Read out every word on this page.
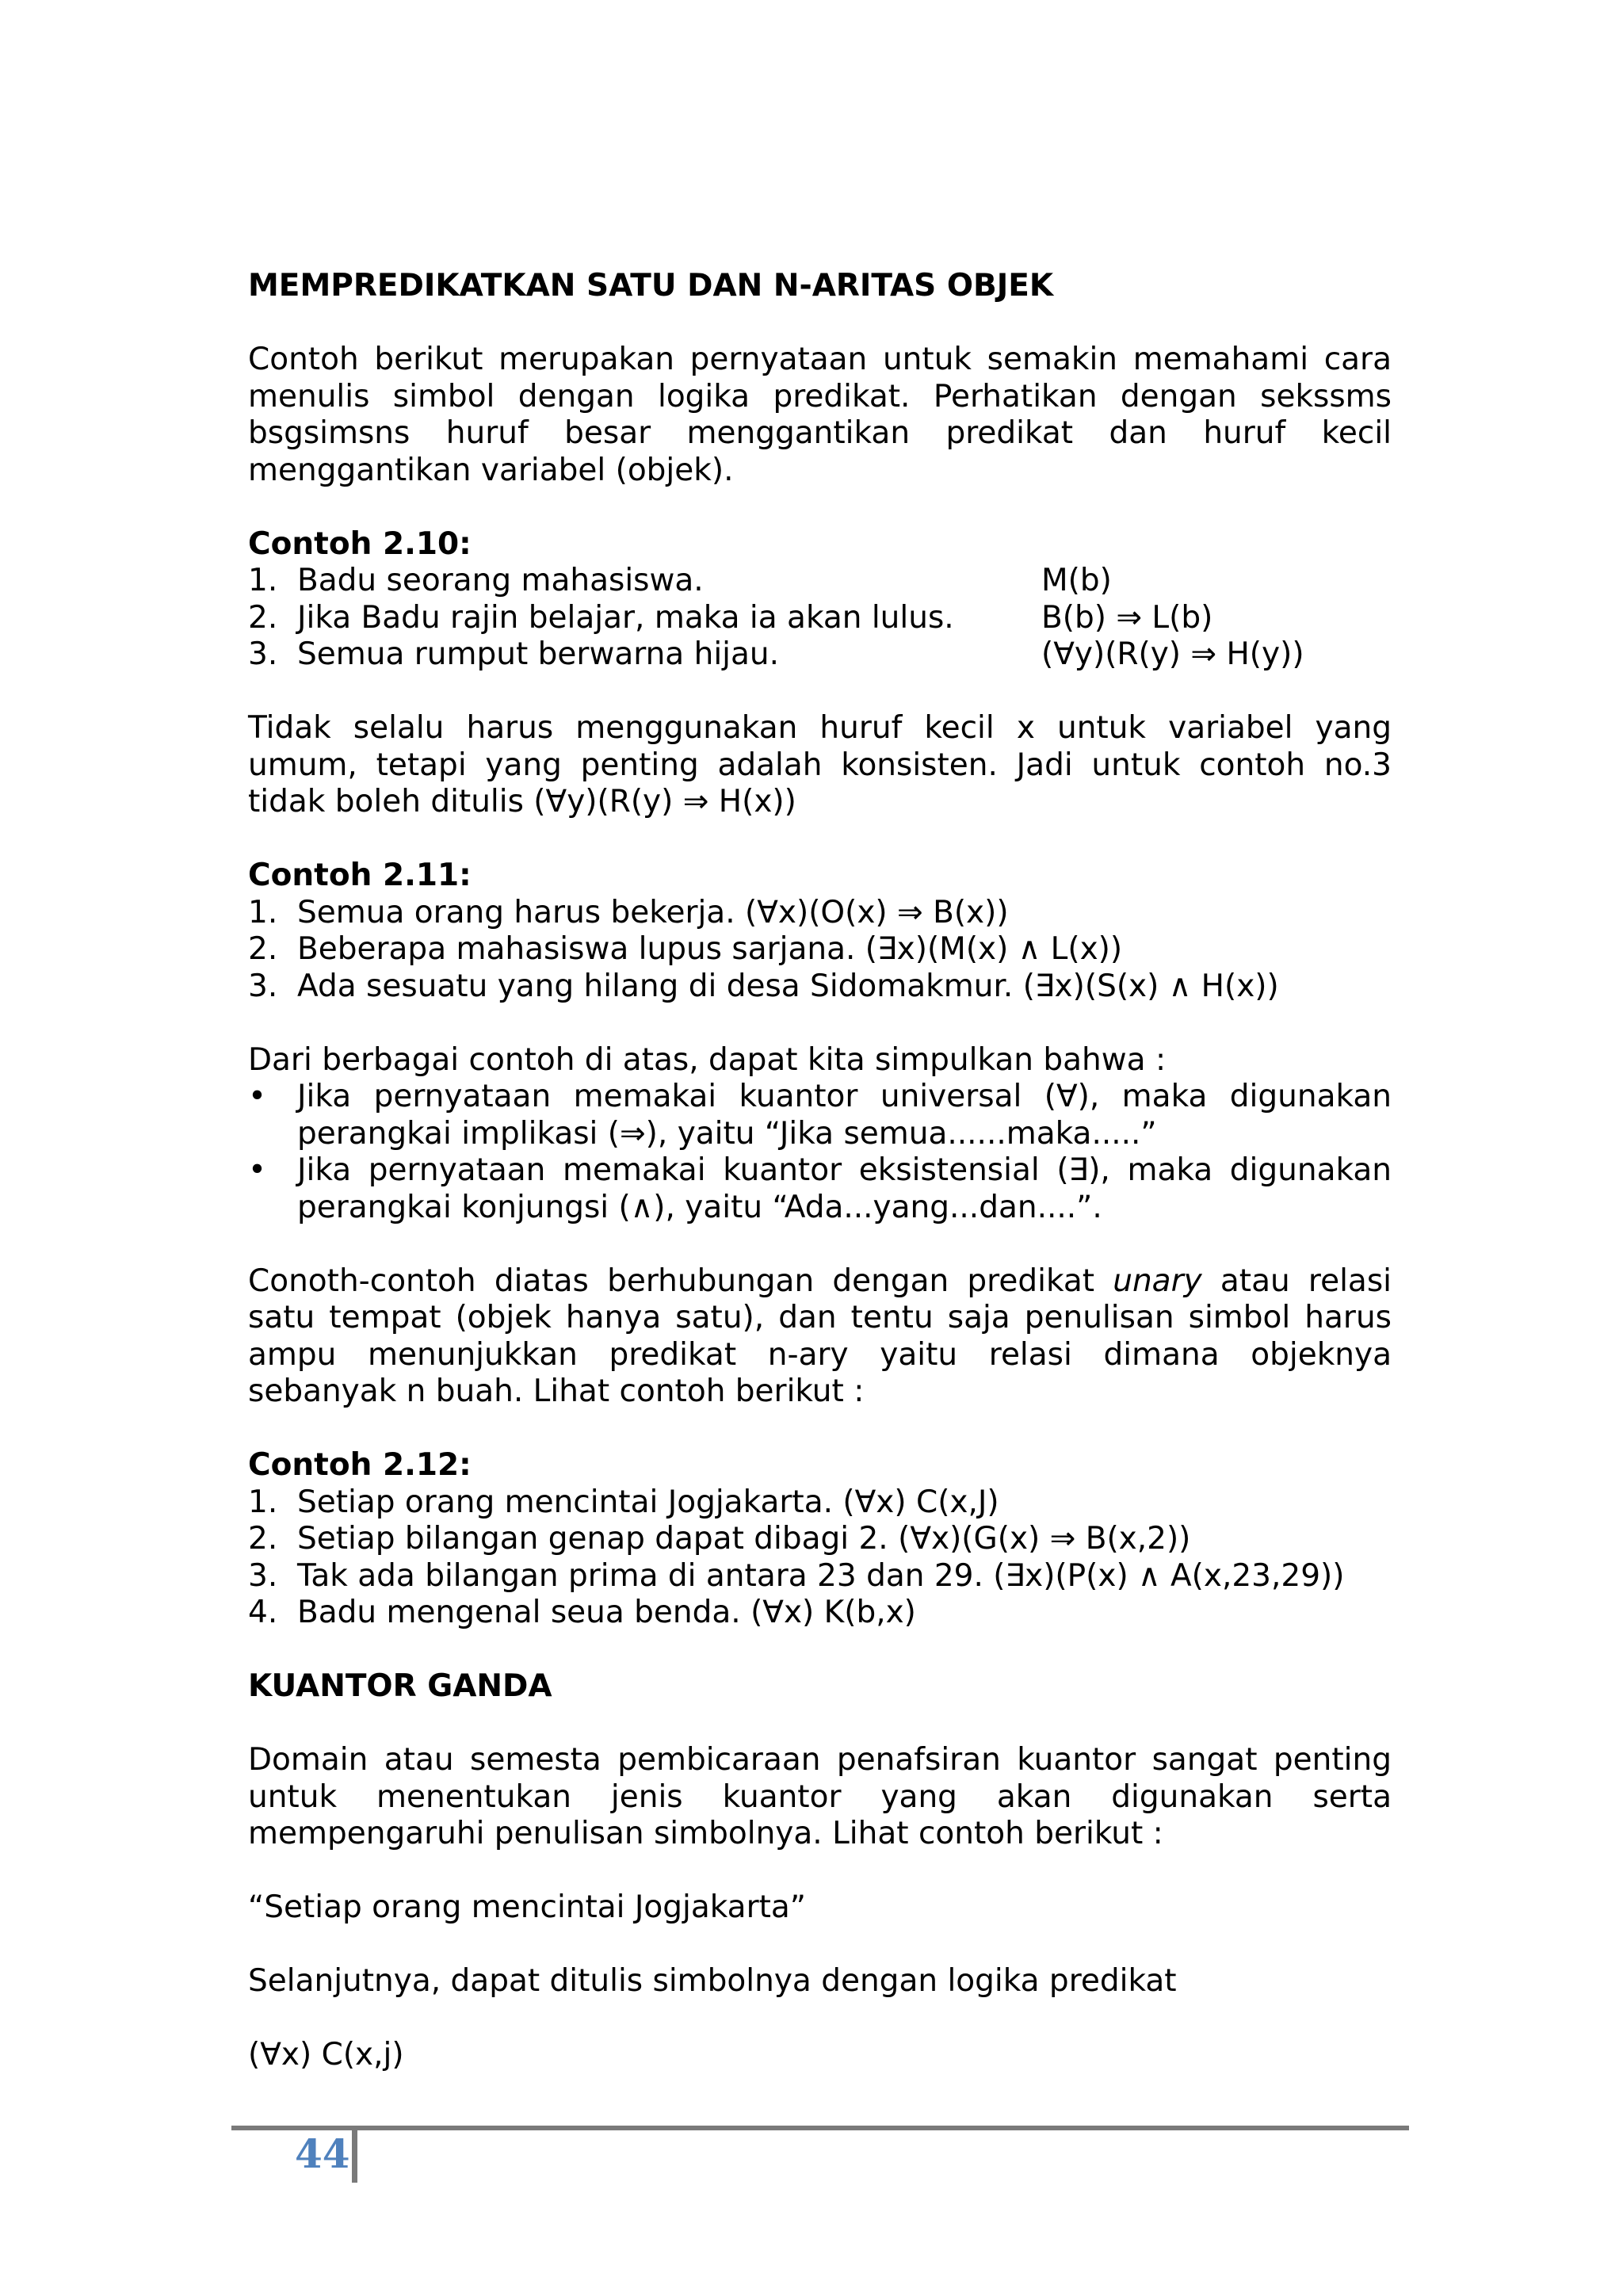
MEMPREDIKATKAN SATU DAN N-ARITAS OBJEK

Contoh berikut merupakan pernyataan untuk semakin memahami cara menulis simbol dengan logika predikat. Perhatikan dengan sekssms bsgsimsns huruf besar menggantikan predikat dan huruf kecil menggantikan variabel (objek).

Contoh 2.10:

1. Badu seorang mahasiswa.	M(b)
2. Jika Badu rajin belajar, maka ia akan lulus.	B(b) ⇒ L(b)
3. Semua rumput berwarna hijau.	(∀y)(R(y) ⇒ H(y))

Tidak selalu harus menggunakan huruf kecil x untuk variabel yang umum, tetapi yang penting adalah konsisten. Jadi untuk contoh no.3 tidak boleh ditulis (∀y)(R(y) ⇒ H(x))

Contoh 2.11:

1. Semua orang harus bekerja. (∀x)(O(x) ⇒ B(x))
2. Beberapa mahasiswa lupus sarjana. (∃x)(M(x) ∧ L(x))
3. Ada sesuatu yang hilang di desa Sidomakmur. (∃x)(S(x) ∧ H(x))

Dari berbagai contoh di atas, dapat kita simpulkan bahwa :

• Jika pernyataan memakai kuantor universal (∀), maka digunakan perangkai implikasi (⇒), yaitu “Jika semua......maka.....”
• Jika pernyataan memakai kuantor eksistensial (∃), maka digunakan perangkai konjungsi (∧), yaitu “Ada...yang...dan....”.

Conoth-contoh diatas berhubungan dengan predikat unary atau relasi satu tempat (objek hanya satu), dan tentu saja penulisan simbol harus ampu menunjukkan predikat n-ary yaitu relasi dimana objeknya sebanyak n buah. Lihat contoh berikut :

Contoh 2.12:

1. Setiap orang mencintai Jogjakarta. (∀x) C(x,J)
2. Setiap bilangan genap dapat dibagi 2. (∀x)(G(x) ⇒ B(x,2))
3. Tak ada bilangan prima di antara 23 dan 29. (∃x)(P(x) ∧ A(x,23,29))
4. Badu mengenal seua benda. (∀x) K(b,x)

KUANTOR GANDA

Domain atau semesta pembicaraan penafsiran kuantor sangat penting untuk menentukan jenis kuantor yang akan digunakan serta mempengaruhi penulisan simbolnya. Lihat contoh berikut :

“Setiap orang mencintai Jogjakarta”

Selanjutnya, dapat ditulis simbolnya dengan logika predikat

(∀x) C(x,j)

44
